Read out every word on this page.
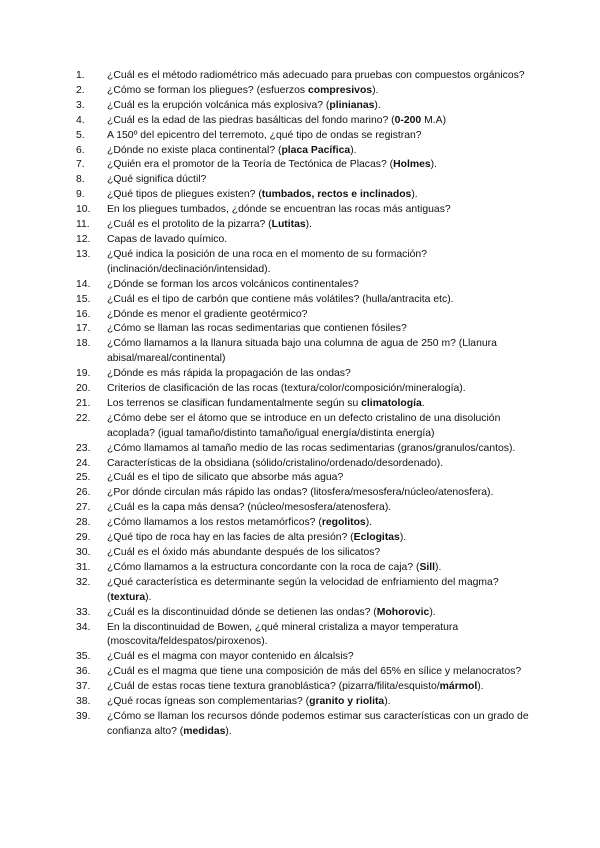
1.	¿Cuál es el método radiométrico más adecuado para pruebas con compuestos orgánicos?
2.	¿Cómo se forman los pliegues? (esfuerzos compresivos).
3.	¿Cuál es la erupción volcánica más explosiva? (plinianas).
4.	¿Cuál es la edad de las piedras basálticas del fondo marino? (0-200 M.A)
5.	A 150º del epicentro del terremoto, ¿qué tipo de ondas se registran?
6.	¿Dónde no existe placa continental? (placa Pacífica).
7.	¿Quién era el promotor de la Teoría de Tectónica de Placas? (Holmes).
8.	¿Qué significa dúctil?
9.	¿Qué tipos de pliegues existen? (tumbados, rectos e inclinados).
10.	En los pliegues tumbados, ¿dónde se encuentran las rocas más antiguas?
11.	¿Cuál es el protolito de la pizarra? (Lutitas).
12.	Capas de lavado químico.
13.	¿Qué indica la posición de una roca en el momento de su formación? (inclinación/declinación/intensidad).
14.	¿Dónde se forman los arcos volcánicos continentales?
15.	¿Cuál es el tipo de carbón que contiene más volátiles? (hulla/antracita etc).
16.	¿Dónde es menor el gradiente geotérmico?
17.	¿Cómo se llaman las rocas sedimentarias que contienen fósiles?
18.	¿Cómo llamamos a la llanura situada bajo una columna de agua de 250 m? (Llanura abisal/mareal/continental)
19.	¿Dónde es más rápida la propagación de las ondas?
20.	Criterios de clasificación de las rocas (textura/color/composición/mineralogía).
21.	Los terrenos se clasifican fundamentalmente según su climatología.
22.	¿Cómo debe ser el átomo que se introduce en un defecto cristalino de una disolución acoplada? (igual tamaño/distinto tamaño/igual energía/distinta energía)
23.	¿Cómo llamamos al tamaño medio de las rocas sedimentarias (granos/granulos/cantos).
24.	Características de la obsidiana (sólido/cristalino/ordenado/desordenado).
25.	¿Cuál es el tipo de silicato que absorbe más agua?
26.	¿Por dónde circulan más rápido las ondas? (litosfera/mesosfera/núcleo/atenosfera).
27.	¿Cuál es la capa más densa? (núcleo/mesosfera/atenosfera).
28.	¿Cómo llamamos a los restos metamórficos? (regolitos).
29.	¿Qué tipo de roca hay en las facies de alta presión? (Eclogitas).
30.	¿Cuál es el óxido más abundante después de los silicatos?
31.	¿Cómo llamamos a la estructura concordante con la roca de caja? (Sill).
32.	¿Qué característica es determinante según la velocidad de enfriamiento del magma? (textura).
33.	¿Cuál es la discontinuidad dónde se detienen las ondas? (Mohorovic).
34.	En la discontinuidad de Bowen, ¿qué mineral cristaliza a mayor temperatura (moscovita/feldespatos/piroxenos).
35.	¿Cuál es el magma con mayor contenido en álcalsis?
36.	¿Cuál es el magma que tiene una composición de más del 65% en sílice y melanocratos?
37.	¿Cuál de estas rocas tiene textura granoblástica? (pizarra/filita/esquisto/mármol).
38.	¿Qué rocas ígneas son complementarias? (granito y riolita).
39.	¿Cómo se llaman los recursos dónde podemos estimar sus características con un grado de confianza alto? (medidas).
